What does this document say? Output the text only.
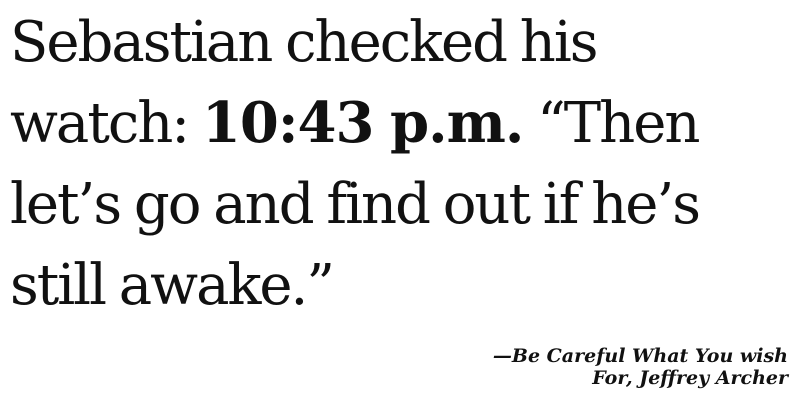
Sebastian checked his
watch: 10:43 p.m. “Then
let’s go and find out if he’s
still awake.”

—Be Careful What You wish
For, Jeffrey Archer
